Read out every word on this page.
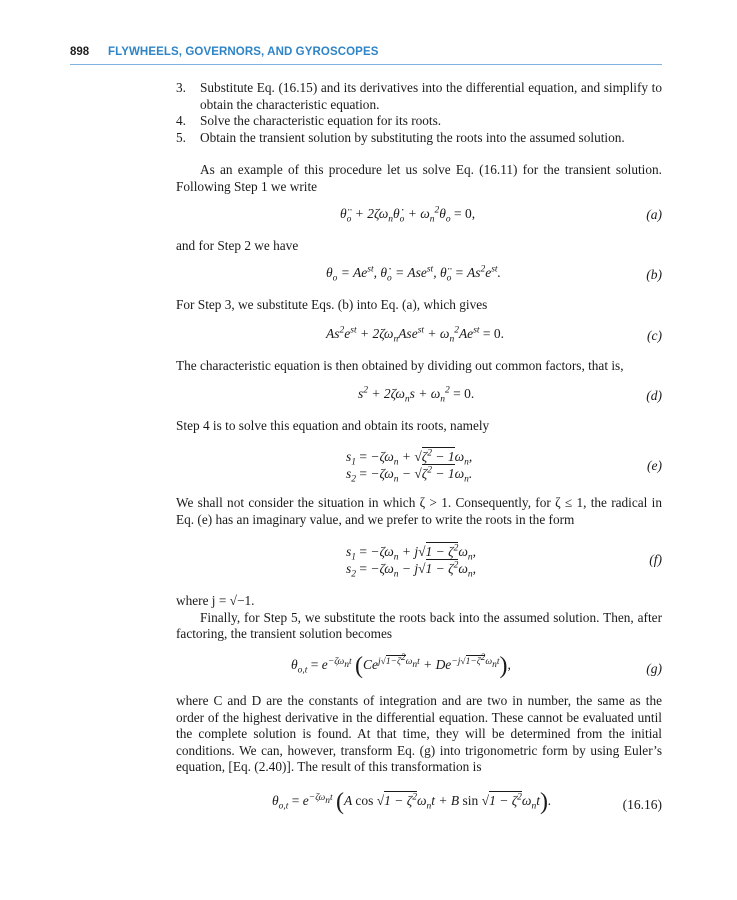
898 FLYWHEELS, GOVERNORS, AND GYROSCOPES
3.	Substitute Eq. (16.15) and its derivatives into the differential equation, and simplify to obtain the characteristic equation.
4.	Solve the characteristic equation for its roots.
5.	Obtain the transient solution by substituting the roots into the assumed solution.

As an example of this procedure let us solve Eq. (16.11) for the transient solution. Following Step 1 we write

$\thetä_o$ + $2\zeta\omega_n\thetȧ_o + \omega_n^2\theta_o = 0$,	(a)

and for Step 2 we have

$\theta_o = Ae^{st}$, $\thetȧ_o = Ase^{st}$, $\thetä_o = As^2e^{st}$.	(b)

For Step 3, we substitute Eqs. (b) into Eq. (a), which gives

$As^2e^{st} + 2\zeta\omega_nAse^{st} + \omega_n^2Ae^{st} = 0$.	(c)

The characteristic equation is then obtained by dividing out common factors, that is,

$s^2 + 2\zeta\omega_ns + \omega_n^2 = 0$.	(d)

Step 4 is to solve this equation and obtain its roots, namely

$s_1 = -\zeta\omega_n + √\zeta^2 - 1\omega_n$,
$s_2 = -\zeta\omega_n - √\zeta^2 - 1\omega_n$.
(e)

We shall not consider the situation in which ζ > 1. Consequently, for ζ ≤ 1, the radical in Eq. (e) has an imaginary value, and we prefer to write the roots in the form

$s_1 = -\zeta\omega_n + j√1 - \zeta^2\omega_n$,
$s_2 = -\zeta\omega_n - j√1 - \zeta^2\omega_n$,
(f)

where j = √−1.

Finally, for Step 5, we substitute the roots back into the assumed solution. Then, after factoring, the transient solution becomes

$\theta_{o,t} = e^{-\zeta\omega_nt}$ $(Ce^{j√1-\zeta^2\omega_nt} + De^{-j√1-\zeta^2\omega_nt})$,	(g)

where C and D are the constants of integration and are two in number, the same as the order of the highest derivative in the differential equation. These cannot be evaluated until the complete solution is found. At that time, they will be determined from the initial conditions. We can, however, transform Eq. (g) into trigonometric form by using Euler’s equation, [Eq. (2.40)]. The result of this transformation is

$\theta_{o,t} = e^{-\zeta\omega_nt}$ (A $\cos √1 - \zeta^2\omega_nt + B$ $\sin √1 - \zeta^2\omega_nt$).	(16.16)
